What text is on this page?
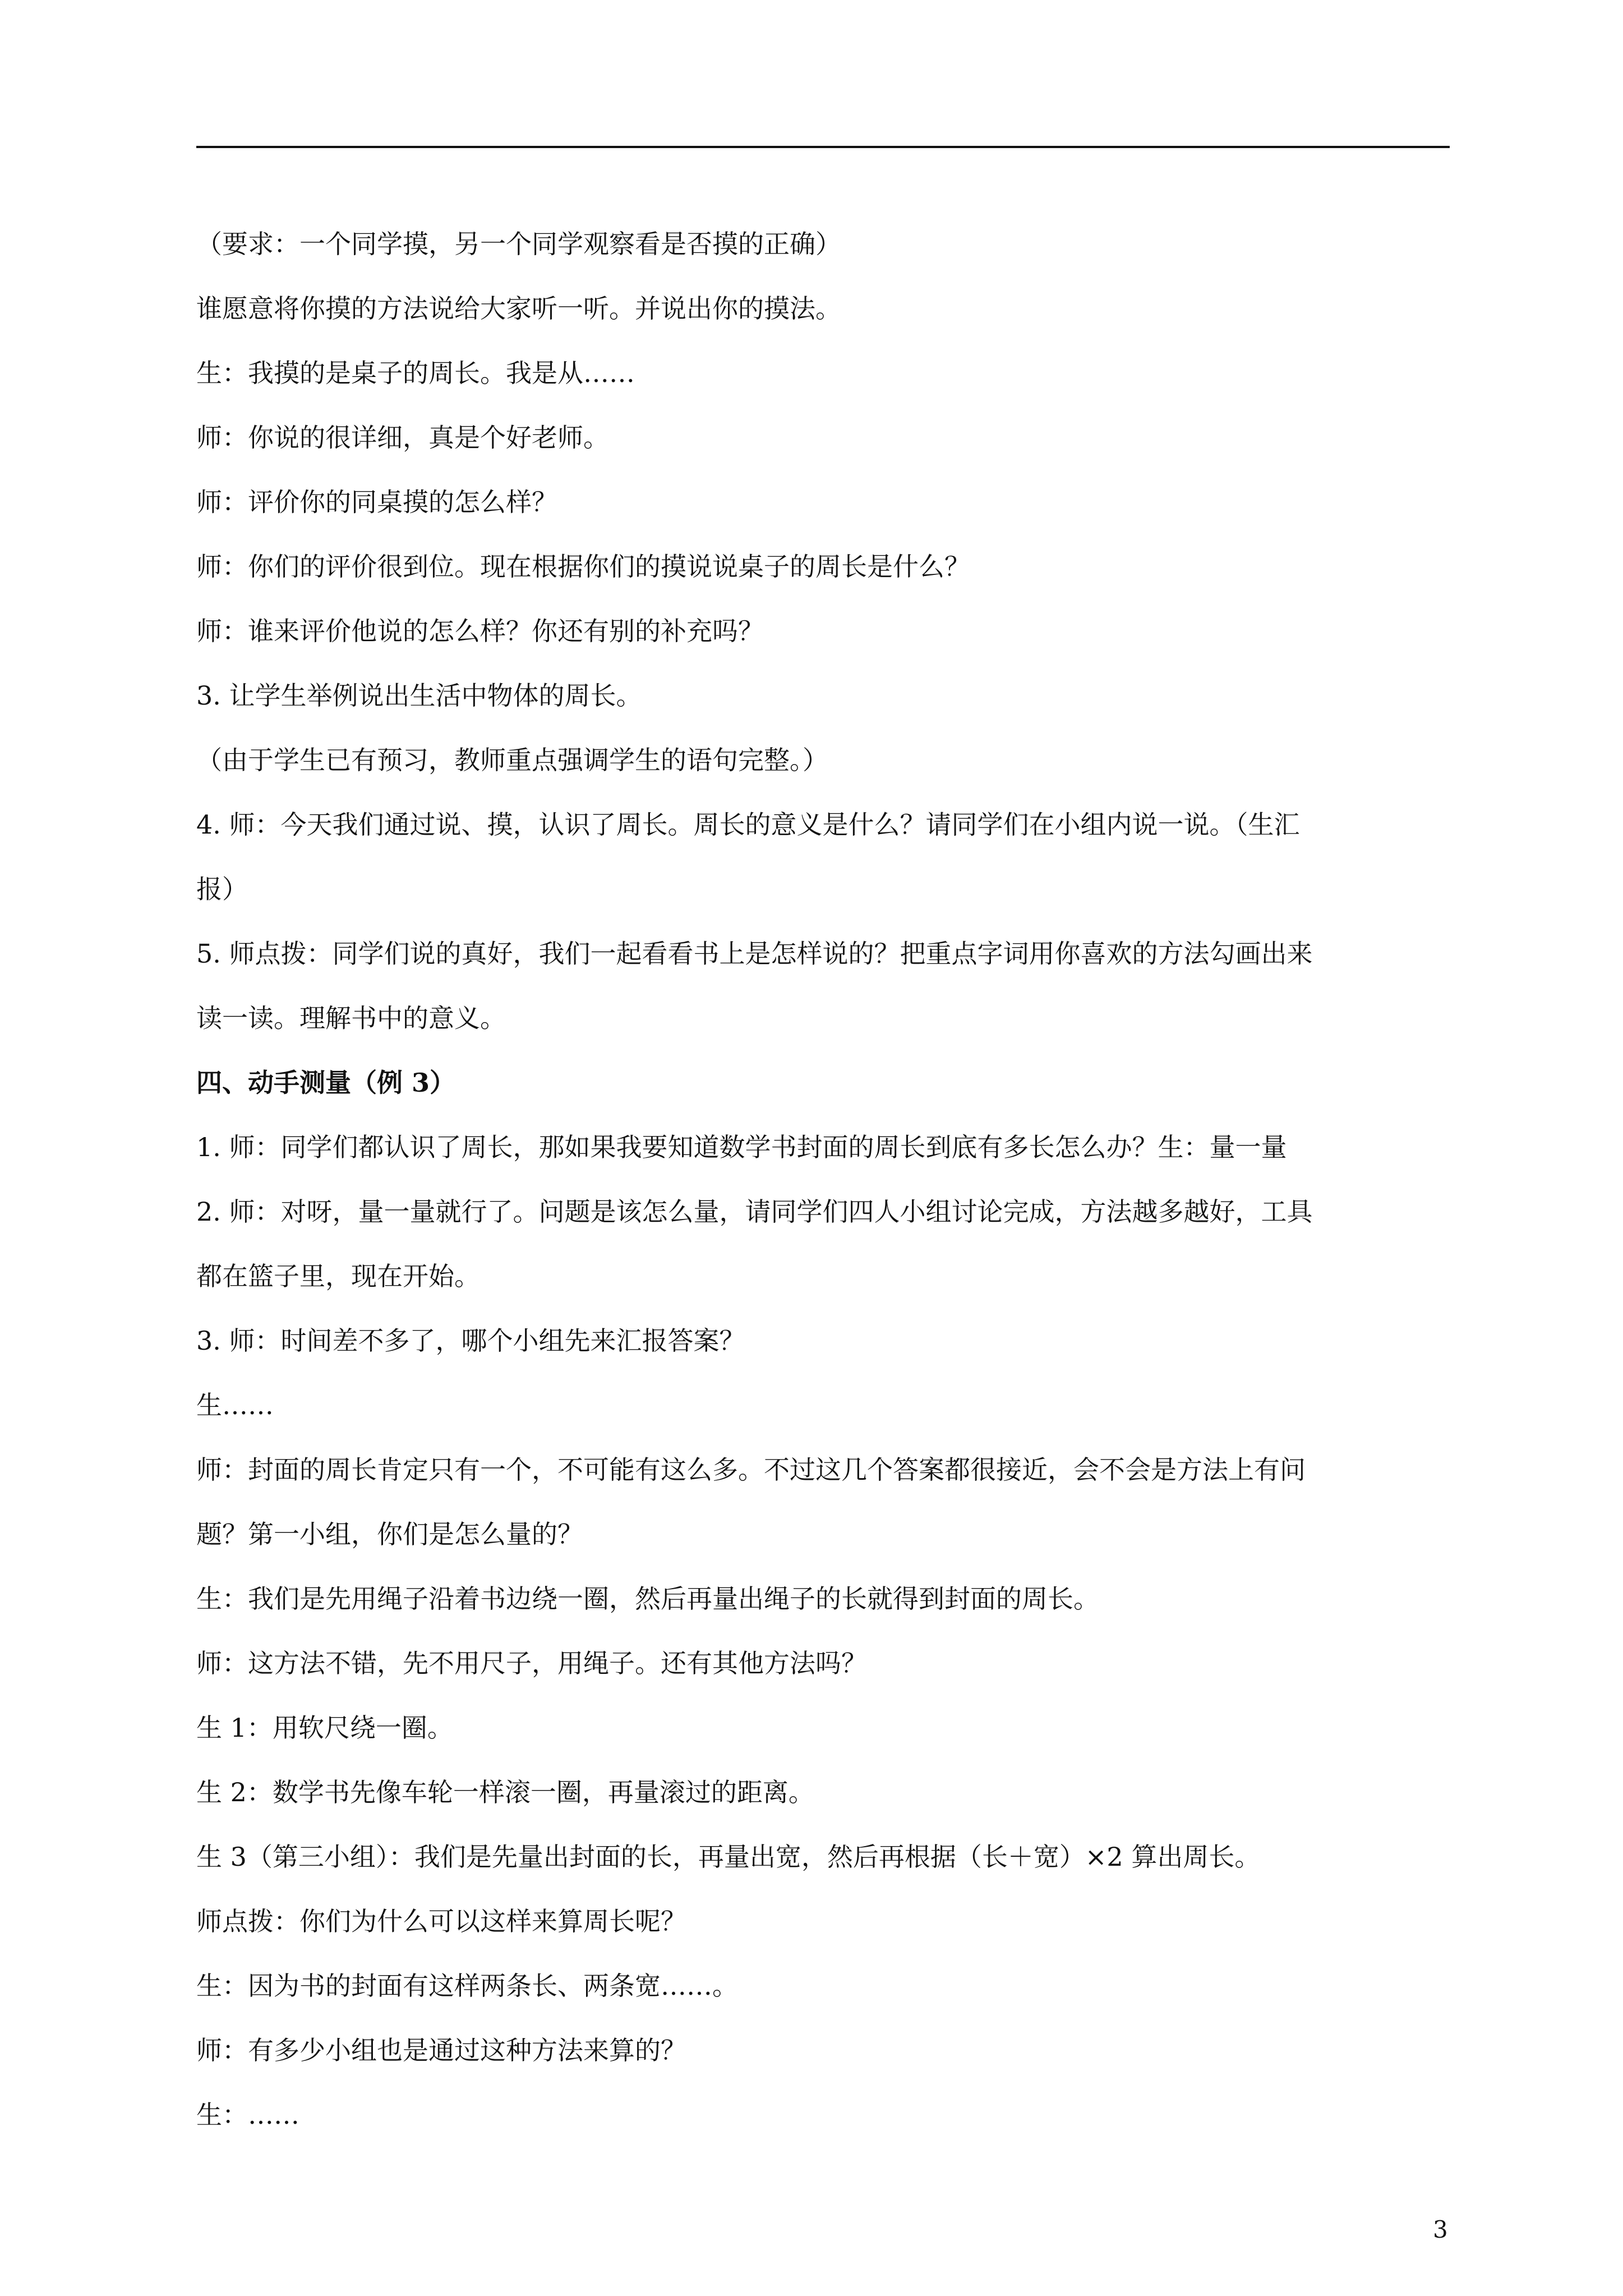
（要求：一个同学摸，另一个同学观察看是否摸的正确）
谁愿意将你摸的方法说给大家听一听。并说出你的摸法。
生：我摸的是桌子的周长。我是从……
师：你说的很详细，真是个好老师。
师：评价你的同桌摸的怎么样？
师：你们的评价很到位。现在根据你们的摸说说桌子的周长是什么？
师：谁来评价他说的怎么样？你还有别的补充吗？
3. 让学生举例说出生活中物体的周长。
（由于学生已有预习，教师重点强调学生的语句完整。）
4. 师：今天我们通过说、摸，认识了周长。周长的意义是什么？请同学们在小组内说一说。（生汇
报）
5. 师点拨：同学们说的真好，我们一起看看书上是怎样说的？把重点字词用你喜欢的方法勾画出来
读一读。理解书中的意义。
四、动手测量（例 3）
1. 师：同学们都认识了周长，那如果我要知道数学书封面的周长到底有多长怎么办？生：量一量
2. 师：对呀，量一量就行了。问题是该怎么量，请同学们四人小组讨论完成，方法越多越好，工具
都在篮子里，现在开始。
3. 师：时间差不多了，哪个小组先来汇报答案？
生……
师：封面的周长肯定只有一个，不可能有这么多。不过这几个答案都很接近，会不会是方法上有问
题？第一小组，你们是怎么量的？
生：我们是先用绳子沿着书边绕一圈，然后再量出绳子的长就得到封面的周长。
师：这方法不错，先不用尺子，用绳子。还有其他方法吗？
生 1：用软尺绕一圈。
生 2：数学书先像车轮一样滚一圈，再量滚过的距离。
生 3（第三小组）：我们是先量出封面的长，再量出宽，然后再根据（长＋宽）×2 算出周长。
师点拨：你们为什么可以这样来算周长呢？
生：因为书的封面有这样两条长、两条宽……。
师：有多少小组也是通过这种方法来算的？
生：……
3
